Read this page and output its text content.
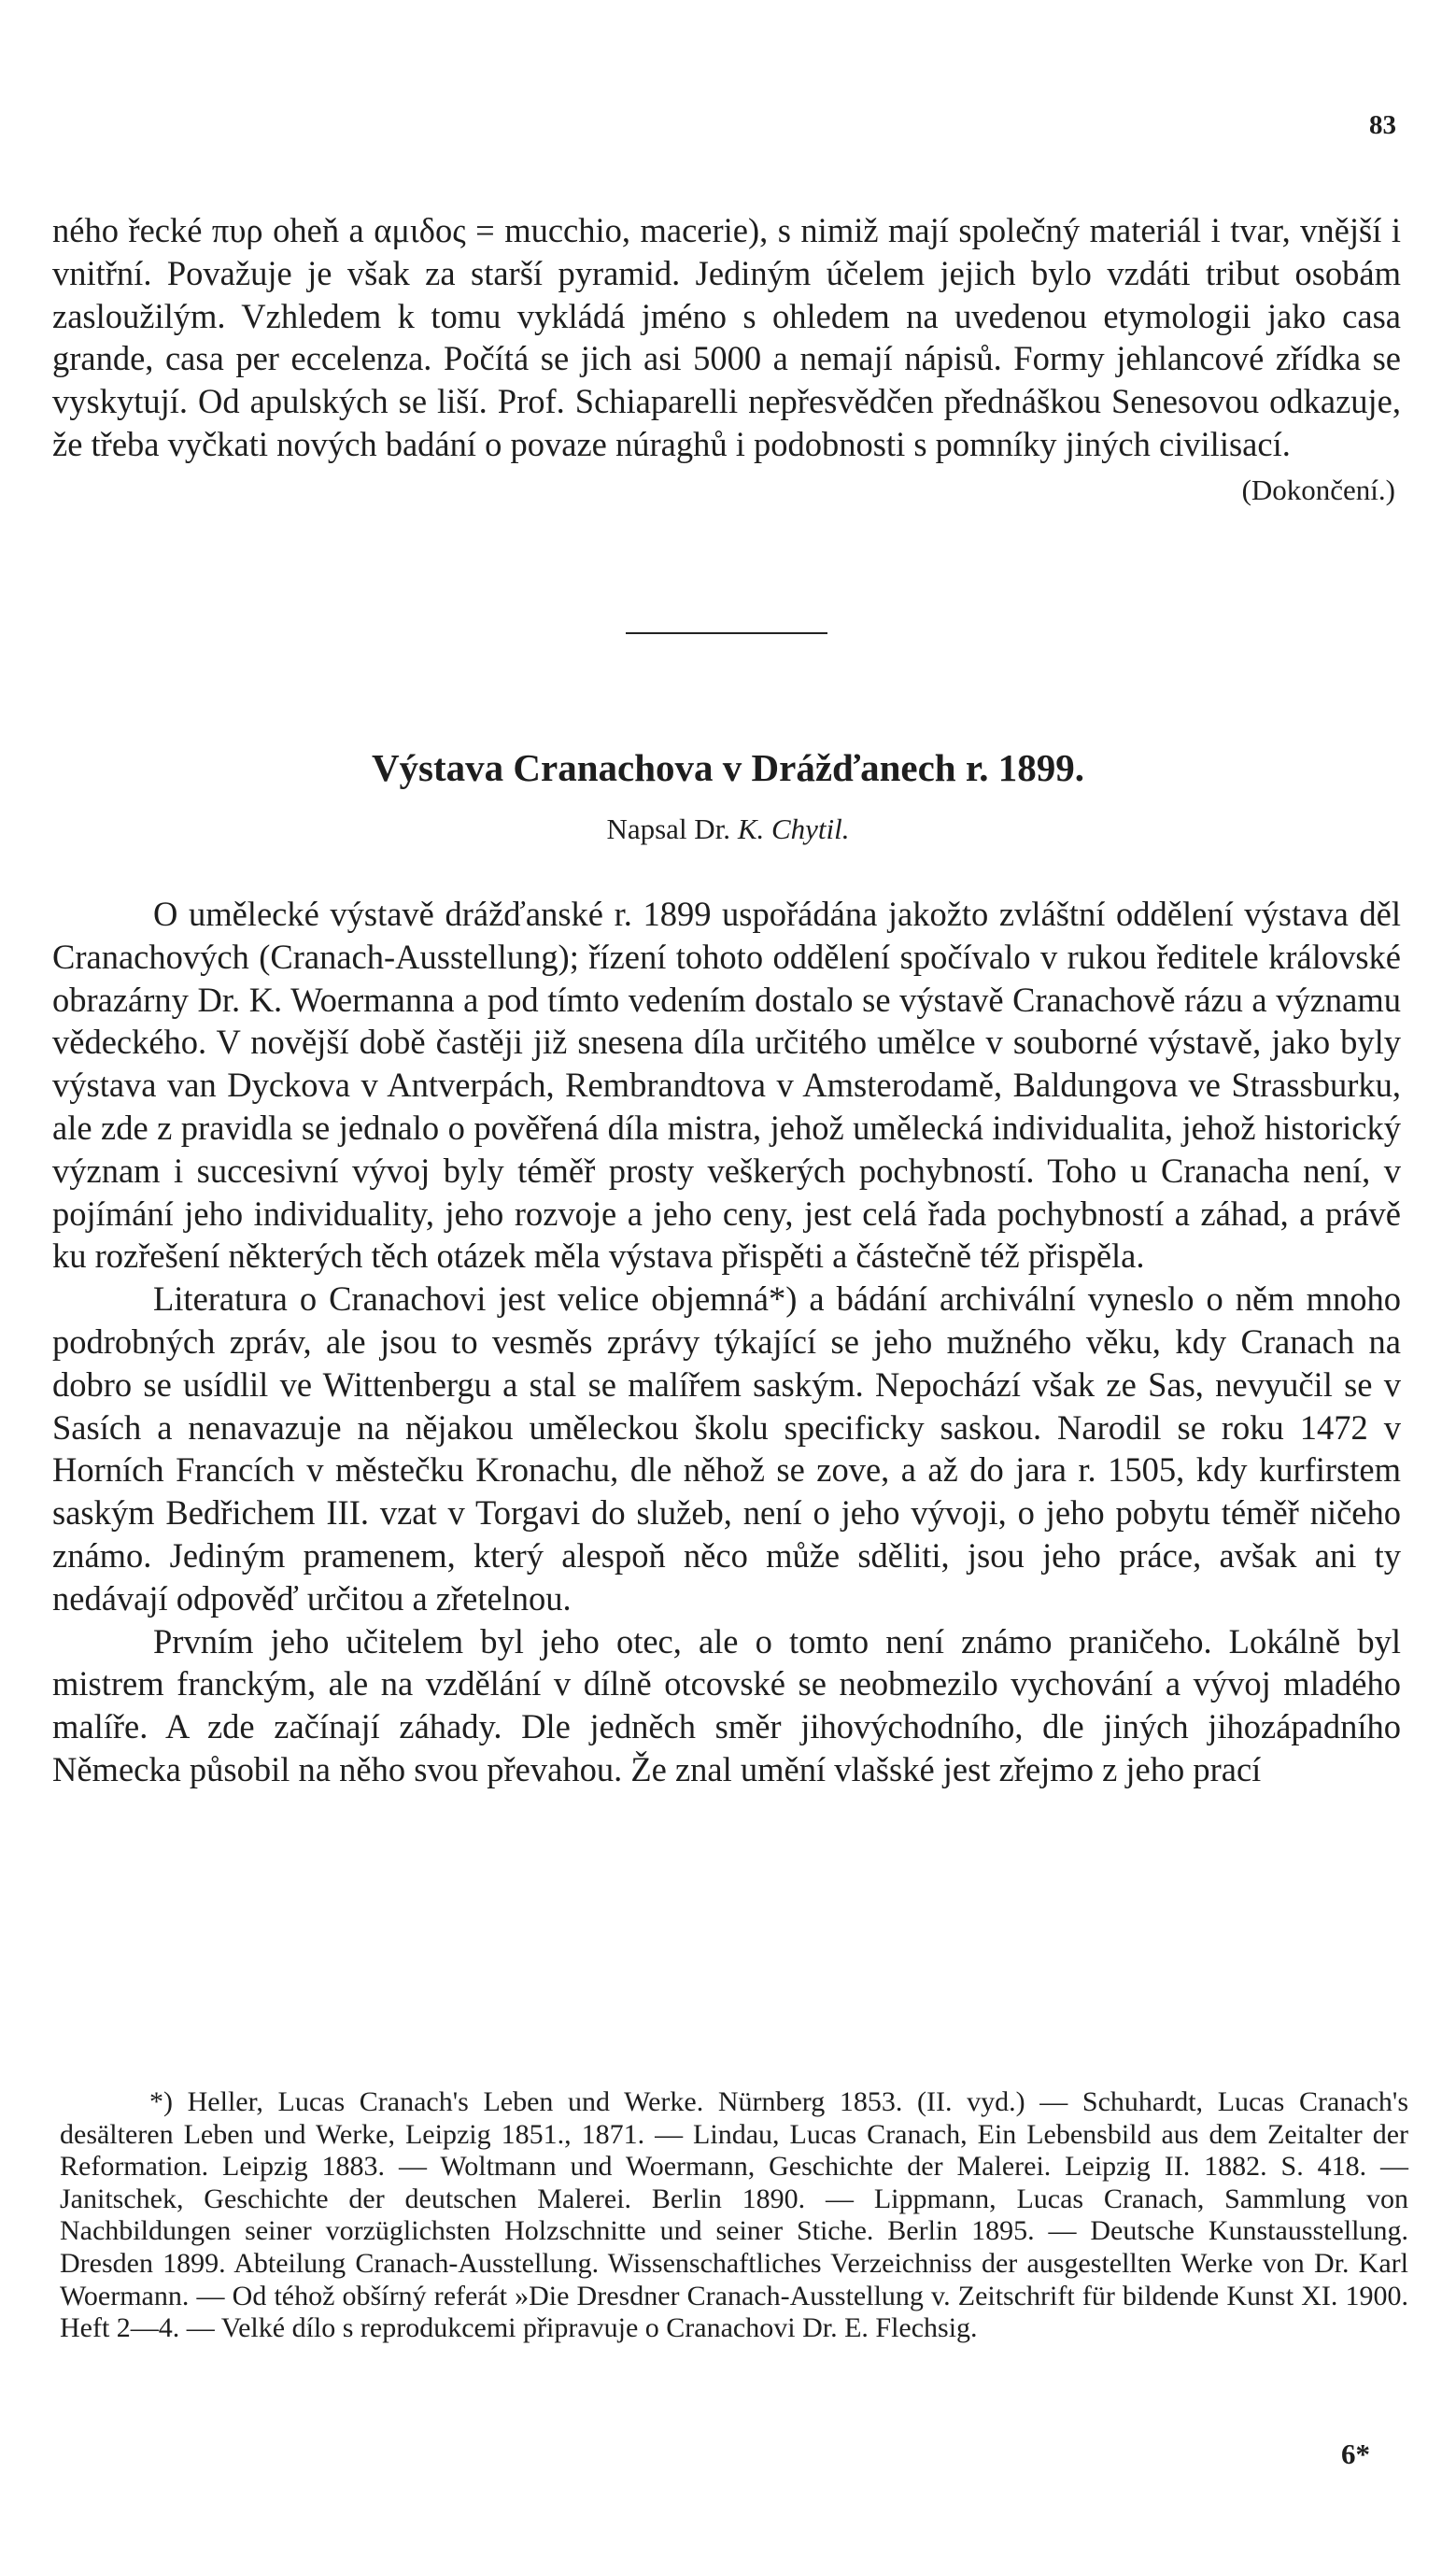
83

ného řecké πυρ oheň a αμιδος = mucchio, macerie), s nimiž mají společný materiál i tvar, vnější i vnitřní. Považuje je však za starší pyramid. Jediným účelem jejich bylo vzdáti tribut osobám zasloužilým. Vzhledem k tomu vykládá jméno s ohledem na uvedenou etymologii jako casa grande, casa per eccelenza. Počítá se jich asi 5000 a nemají nápisů. Formy jehlancové zřídka se vyskytují. Od apulských se liší. Prof. Schiaparelli nepřesvědčen přednáškou Senesovou odkazuje, že třeba vyčkati nových badání o povaze núraghů i podobnosti s pomníky jiných civilisací.

(Dokončení.)
Výstava Cranachova v Drážďanech r. 1899.
Napsal Dr. K. Chytil.

O umělecké výstavě drážďanské r. 1899 uspořádána jakožto zvláštní oddělení výstava děl Cranachových (Cranach-Ausstellung); řízení tohoto oddělení spočívalo v rukou ředitele královské obrazárny Dr. K. Woermanna a pod tímto vedením dostalo se výstavě Cranachově rázu a významu vědeckého. V novější době častěji již snesena díla určitého umělce v souborné výstavě, jako byly výstava van Dyckova v Antverpách, Rembrandtova v Amsterodamě, Baldungova ve Strassburku, ale zde z pravidla se jednalo o pověřená díla mistra, jehož umělecká individualita, jehož historický význam i succesivní vývoj byly téměř prosty veškerých pochybností. Toho u Cranacha není, v pojímání jeho individuality, jeho rozvoje a jeho ceny, jest celá řada pochybností a záhad, a právě ku rozřešení některých těch otázek měla výstava přispěti a částečně též přispěla.

Literatura o Cranachovi jest velice objemná*) a bádání archivální vyneslo o něm mnoho podrobných zpráv, ale jsou to vesměs zprávy týkající se jeho mužného věku, kdy Cranach na dobro se usídlil ve Wittenbergu a stal se malířem saským. Nepochází však ze Sas, nevyučil se v Sasích a nenavazuje na nějakou uměleckou školu specificky saskou. Narodil se roku 1472 v Horních Francích v městečku Kronachu, dle něhož se zove, a až do jara r. 1505, kdy kurfirstem saským Bedřichem III. vzat v Torgavi do služeb, není o jeho vývoji, o jeho pobytu téměř ničeho známo. Jediným pramenem, který alespoň něco může sděliti, jsou jeho práce, avšak ani ty nedávají odpověď určitou a zřetelnou.

Prvním jeho učitelem byl jeho otec, ale o tomto není známo praničeho. Lokálně byl mistrem franckým, ale na vzdělání v dílně otcovské se neobmezilo vychování a vývoj mladého malíře. A zde začínají záhady. Dle jedněch směr jihovýchodního, dle jiných jihozápadního Německa působil na něho svou převahou. Že znal umění vlašské jest zřejmo z jeho prací

*) Heller, Lucas Cranach's Leben und Werke. Nürnberg 1853. (II. vyd.) — Schuhardt, Lucas Cranach's desälteren Leben und Werke, Leipzig 1851., 1871. — Lindau, Lucas Cranach, Ein Lebensbild aus dem Zeitalter der Reformation. Leipzig 1883. — Woltmann und Woermann, Geschichte der Malerei. Leipzig II. 1882. S. 418. — Janitschek, Geschichte der deutschen Malerei. Berlin 1890. — Lippmann, Lucas Cranach, Sammlung von Nachbildungen seiner vorzüglichsten Holzschnitte und seiner Stiche. Berlin 1895. — Deutsche Kunstausstellung. Dresden 1899. Abteilung Cranach-Ausstellung. Wissenschaftliches Verzeichniss der ausgestellten Werke von Dr. Karl Woermann. — Od téhož obšírný referát »Die Dresdner Cranach-Ausstellung v. Zeitschrift für bildende Kunst XI. 1900. Heft 2—4. — Velké dílo s reprodukcemi připravuje o Cranachovi Dr. E. Flechsig.

6*
